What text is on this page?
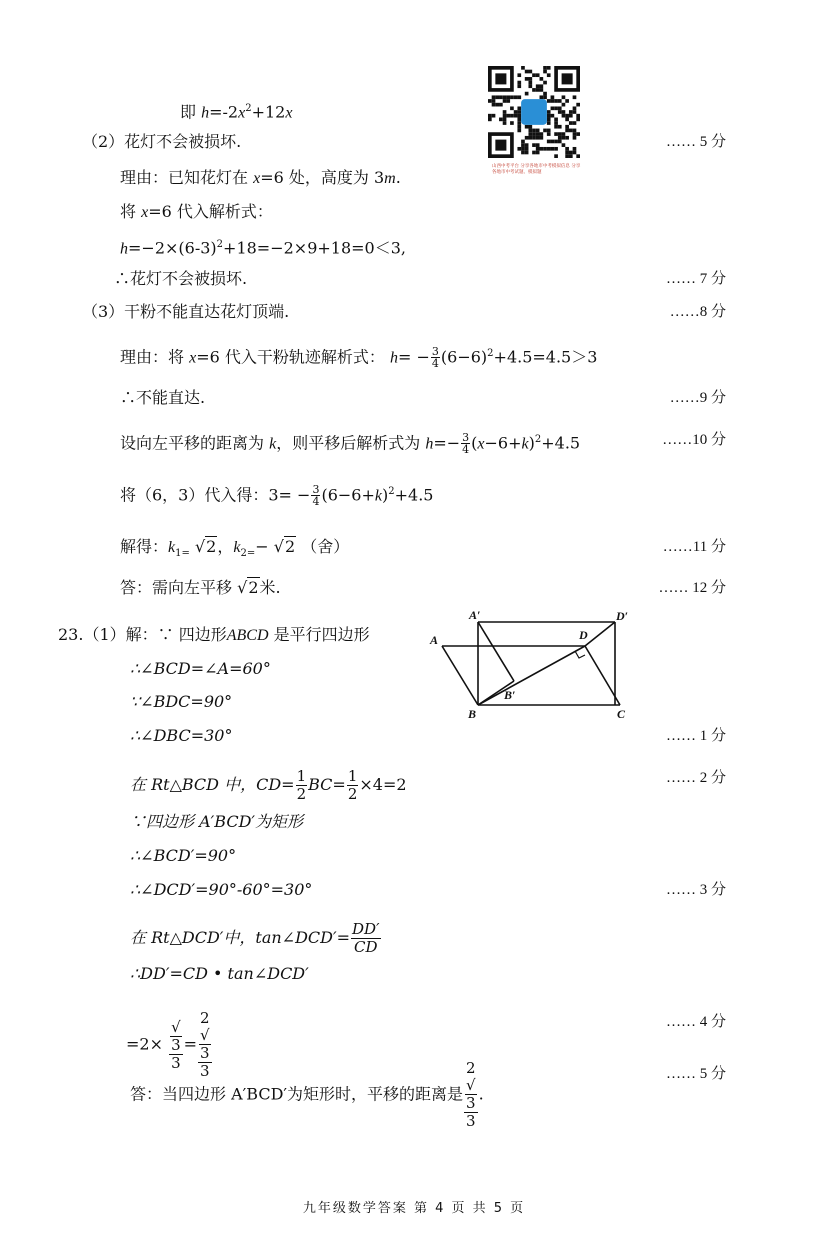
山西中考平台 分享各地市中考模拟信息 分享各地市中考试题、模拟题
即 $h=-2x^2+12x$
（2）花灯不会被损坏.	…… 5 分
理由：已知花灯在 x=6 处，高度为 3m.
将 x=6 代入解析式：
$h=-2\times(6-3)^2+18=-2\times 9+18=0<3$,
∴花灯不会被损坏.	…… 7 分
（3）干粉不能直达花灯顶端.	……8 分
理由：将 x=6 代入干粉轨迹解析式： $h= - \frac{3}{4} (6-6)^2+4.5=4.5>3$
∴不能直达.	……9 分
设向左平移的距离为 k，则平移后解析式为 $h=- \frac{3}{4} (x-6+k)^2+4.5$	……10 分
将（6，3）代入得：$3= - \frac{3}{4} (6-6+k)^2+4.5$
解得：$k_{1=}$ √2，$k_{2=}- √2$ （舍）	……11 分
答：需向左平移 √2米.	…… 12 分
23.（1）解：∵ 四边形ABCD 是平行四边形
∴∠BCD=∠A=60°
∵∠BDC=90°
∴∠DBC=30°	…… 1 分
在 Rt△BCD 中，$CD= \frac{1}{2} BC= \frac{1}{2} \times 4=2$	…… 2 分
∵四边形 A′BCD′为矩形
∴∠BCD′=90°
∴∠DCD′=90°-60°=30°	…… 3 分
在 Rt△DCD′中，tan∠DCD′= $\frac{DD'}{CD}$
∴DD′=CD • tan∠DCD′
=2× √
3
3 = 2
√
3
3	…… 4 分
答：当四边形 A′BCD′为矩形时，平移的距离是 2
√
3
3 .
…… 5 分
A′	D′
A	D
B′
B	C
九年级数学答案 第 4 页 共 5 页
